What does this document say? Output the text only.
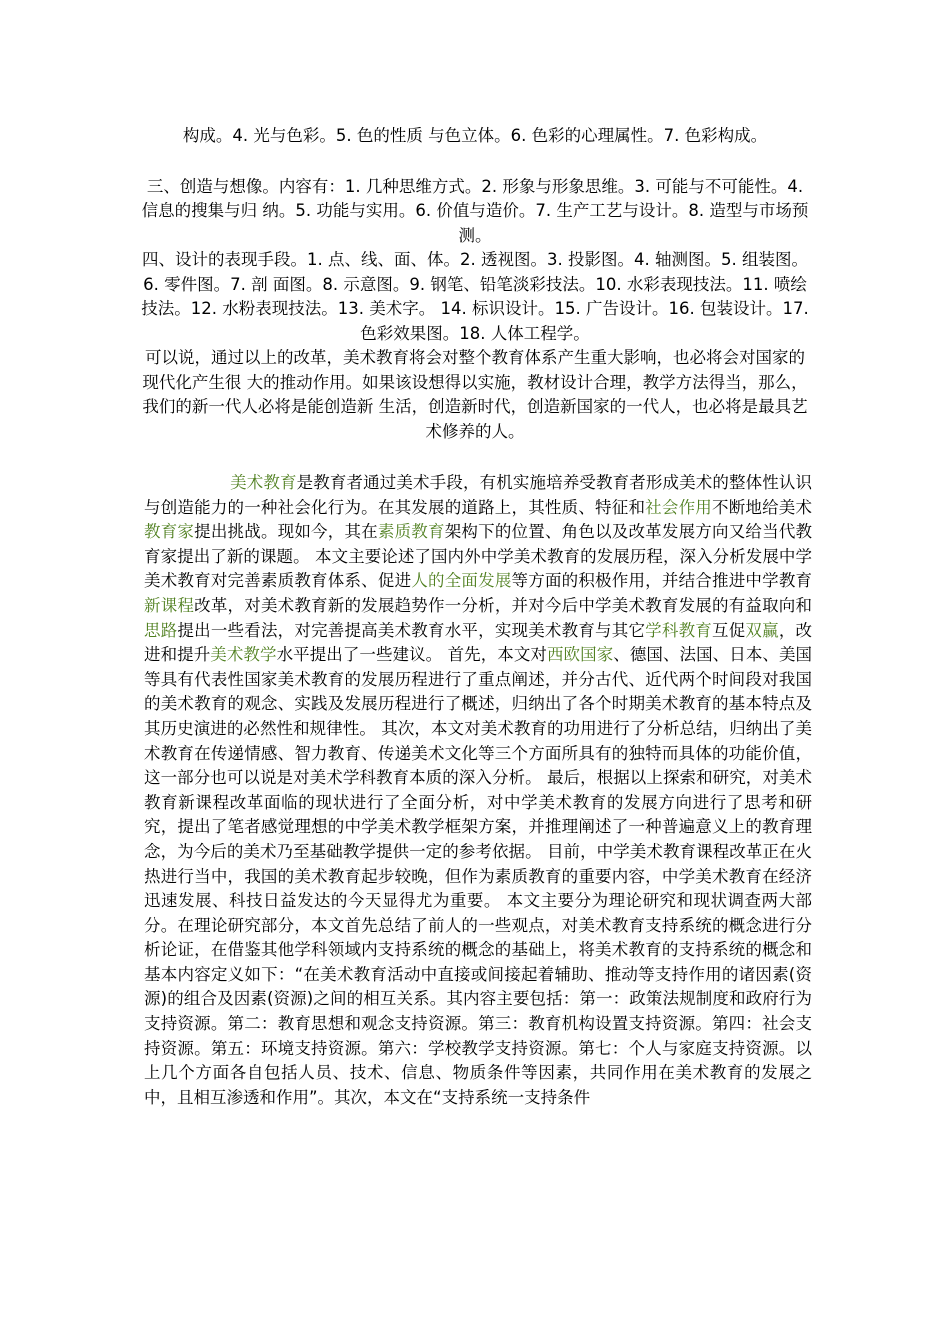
构成。4. 光与色彩。5. 色的性质 与色立体。6. 色彩的心理属性。7. 色彩构成。

三、创造与想像。内容有：1. 几种思维方式。2. 形象与形象思维。3. 可能与不可能性。4. 信息的搜集与归 纳。5. 功能与实用。6. 价值与造价。7. 生产工艺与设计。8. 造型与市场预测。

四、设计的表现手段。1. 点、线、面、体。2. 透视图。3. 投影图。4. 轴测图。5. 组装图。6. 零件图。7. 剖 面图。8. 示意图。9. 钢笔、铅笔淡彩技法。10. 水彩表现技法。11. 喷绘技法。12. 水粉表现技法。13. 美术字。 14. 标识设计。15. 广告设计。16. 包装设计。17. 色彩效果图。18. 人体工程学。

可以说，通过以上的改革，美术教育将会对整个教育体系产生重大影响，也必将会对国家的现代化产生很 大的推动作用。如果该设想得以实施，教材设计合理，教学方法得当，那么，我们的新一代人必将是能创造新 生活，创造新时代，创造新国家的一代人，也必将是最具艺术修养的人。

美术教育是教育者通过美术手段，有机实施培养受教育者形成美术的整体性认识与创造能力的一种社会化行为。在其发展的道路上，其性质、特征和社会作用不断地给美术教育家提出挑战。现如今，其在素质教育架构下的位置、角色以及改革发展方向又给当代教育家提出了新的课题。 本文主要论述了国内外中学美术教育的发展历程，深入分析发展中学美术教育对完善素质教育体系、促进人的全面发展等方面的积极作用，并结合推进中学教育新课程改革，对美术教育新的发展趋势作一分析，并对今后中学美术教育发展的有益取向和思路提出一些看法，对完善提高美术教育水平，实现美术教育与其它学科教育互促双赢，改进和提升美术教学水平提出了一些建议。 首先，本文对西欧国家、德国、法国、日本、美国等具有代表性国家美术教育的发展历程进行了重点阐述，并分古代、近代两个时间段对我国的美术教育的观念、实践及发展历程进行了概述，归纳出了各个时期美术教育的基本特点及其历史演进的必然性和规律性。 其次，本文对美术教育的功用进行了分析总结，归纳出了美术教育在传递情感、智力教育、传递美术文化等三个方面所具有的独特而具体的功能价值，这一部分也可以说是对美术学科教育本质的深入分析。 最后，根据以上探索和研究，对美术教育新课程改革面临的现状进行了全面分析，对中学美术教育的发展方向进行了思考和研究，提出了笔者感觉理想的中学美术教学框架方案，并推理阐述了一种普遍意义上的教育理念，为今后的美术乃至基础教学提供一定的参考依据。 目前，中学美术教育课程改革正在火热进行当中，我国的美术教育起步较晚，但作为素质教育的重要内容，中学美术教育在经济迅速发展、科技日益发达的今天显得尤为重要。 本文主要分为理论研究和现状调查两大部分。在理论研究部分，本文首先总结了前人的一些观点，对美术教育支持系统的概念进行分析论证，在借鉴其他学科领域内支持系统的概念的基础上，将美术教育的支持系统的概念和基本内容定义如下：“在美术教育活动中直接或间接起着辅助、推动等支持作用的诸因素(资源)的组合及因素(资源)之间的相互关系。其内容主要包括：第一：政策法规制度和政府行为支持资源。第二：教育思想和观念支持资源。第三：教育机构设置支持资源。第四：社会支持资源。第五：环境支持资源。第六：学校教学支持资源。第七：个人与家庭支持资源。以上几个方面各自包括人员、技术、信息、物质条件等因素，共同作用在美术教育的发展之中，且相互渗透和作用”。其次，本文在“支持系统一支持条件
